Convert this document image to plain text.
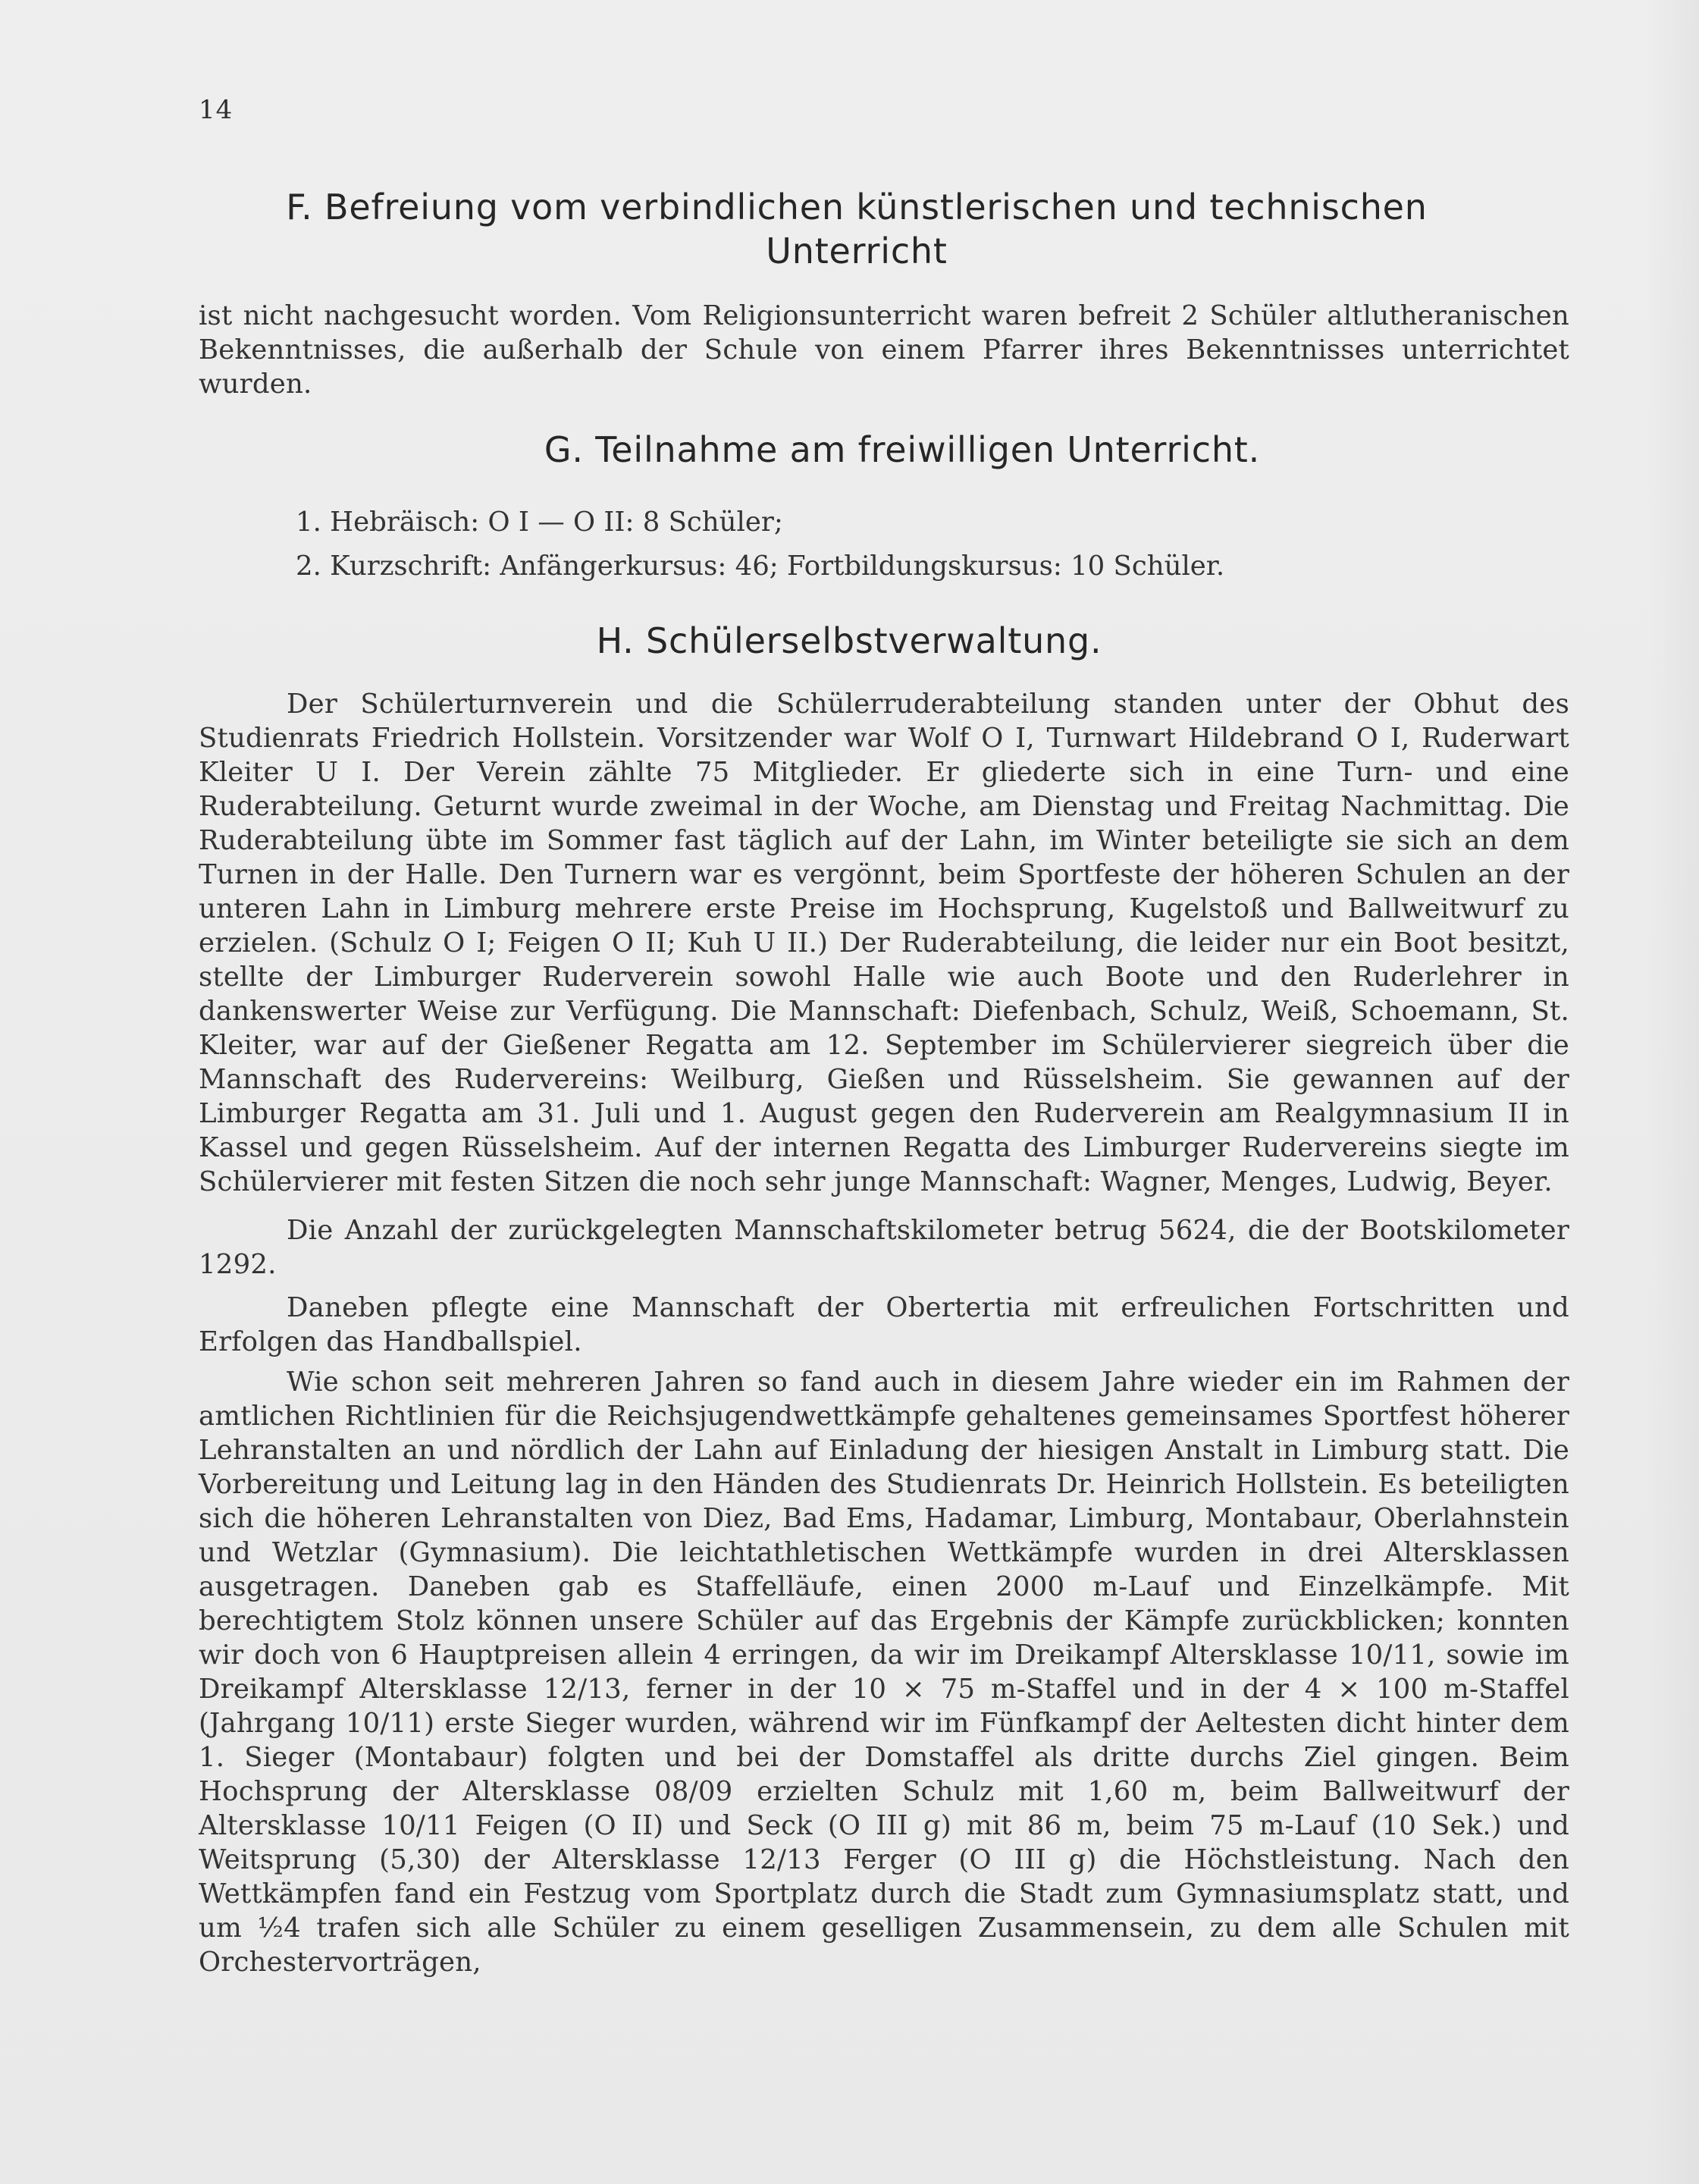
14
F. Befreiung vom verbindlichen künstlerischen und technischen Unterricht

ist nicht nachgesucht worden. Vom Religionsunterricht waren befreit 2 Schüler altlutheranischen Bekenntnisses, die außerhalb der Schule von einem Pfarrer ihres Bekenntnisses unterrichtet wurden.

G. Teilnahme am freiwilligen Unterricht.
1. Hebräisch: O I — O II: 8 Schüler;
2. Kurzschrift: Anfängerkursus: 46; Fortbildungskursus: 10 Schüler.
H. Schülerselbstverwaltung.

Der Schülerturnverein und die Schülerruderabteilung standen unter der Obhut des Studienrats Friedrich Hollstein. Vorsitzender war Wolf O I, Turnwart Hildebrand O I, Ruderwart Kleiter U I. Der Verein zählte 75 Mitglieder. Er gliederte sich in eine Turn- und eine Ruderabteilung. Geturnt wurde zweimal in der Woche, am Dienstag und Freitag Nachmittag. Die Ruderabteilung übte im Sommer fast täglich auf der Lahn, im Winter beteiligte sie sich an dem Turnen in der Halle. Den Turnern war es vergönnt, beim Sportfeste der höheren Schulen an der unteren Lahn in Limburg mehrere erste Preise im Hochsprung, Kugelstoß und Ballweitwurf zu erzielen. (Schulz O I; Feigen O II; Kuh U II.) Der Ruderabteilung, die leider nur ein Boot besitzt, stellte der Limburger Ruderverein sowohl Halle wie auch Boote und den Ruderlehrer in dankenswerter Weise zur Verfügung. Die Mannschaft: Diefenbach, Schulz, Weiß, Schoemann, St. Kleiter, war auf der Gießener Regatta am 12. September im Schülervierer siegreich über die Mannschaft des Rudervereins: Weilburg, Gießen und Rüsselsheim. Sie gewannen auf der Limburger Regatta am 31. Juli und 1. August gegen den Ruderverein am Realgymnasium II in Kassel und gegen Rüsselsheim. Auf der internen Regatta des Limburger Rudervereins siegte im Schülervierer mit festen Sitzen die noch sehr junge Mannschaft: Wagner, Menges, Ludwig, Beyer.

Die Anzahl der zurückgelegten Mannschaftskilometer betrug 5624, die der Bootskilometer 1292.

Daneben pflegte eine Mannschaft der Obertertia mit erfreulichen Fortschritten und Erfolgen das Handballspiel.

Wie schon seit mehreren Jahren so fand auch in diesem Jahre wieder ein im Rahmen der amtlichen Richtlinien für die Reichsjugendwettkämpfe gehaltenes gemeinsames Sportfest höherer Lehranstalten an und nördlich der Lahn auf Einladung der hiesigen Anstalt in Limburg statt. Die Vorbereitung und Leitung lag in den Händen des Studienrats Dr. Heinrich Hollstein. Es beteiligten sich die höheren Lehranstalten von Diez, Bad Ems, Hadamar, Limburg, Montabaur, Oberlahnstein und Wetzlar (Gymnasium). Die leichtathletischen Wettkämpfe wurden in drei Altersklassen ausgetragen. Daneben gab es Staffelläufe, einen 2000 m-Lauf und Einzelkämpfe. Mit berechtigtem Stolz können unsere Schüler auf das Ergebnis der Kämpfe zurückblicken; konnten wir doch von 6 Hauptpreisen allein 4 erringen, da wir im Dreikampf Altersklasse 10/11, sowie im Dreikampf Altersklasse 12/13, ferner in der 10 × 75 m-Staffel und in der 4 × 100 m-Staffel (Jahrgang 10/11) erste Sieger wurden, während wir im Fünfkampf der Aeltesten dicht hinter dem 1. Sieger (Montabaur) folgten und bei der Domstaffel als dritte durchs Ziel gingen. Beim Hochsprung der Altersklasse 08/09 erzielten Schulz mit 1,60 m, beim Ballweitwurf der Altersklasse 10/11 Feigen (O II) und Seck (O III g) mit 86 m, beim 75 m-Lauf (10 Sek.) und Weitsprung (5,30) der Altersklasse 12/13 Ferger (O III g) die Höchstleistung. Nach den Wettkämpfen fand ein Festzug vom Sportplatz durch die Stadt zum Gymnasiumsplatz statt, und um ½4 trafen sich alle Schüler zu einem geselligen Zusammensein, zu dem alle Schulen mit Orchestervorträgen,
